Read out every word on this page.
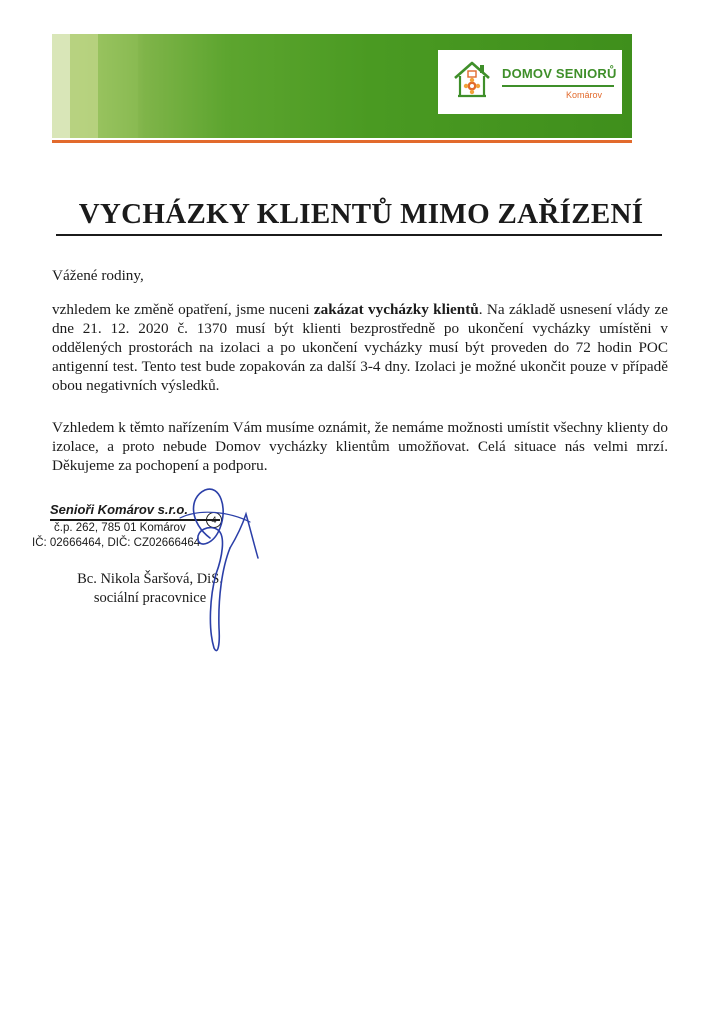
DOMOV SENIORŮ
Komárov
VYCHÁZKY KLIENTŮ MIMO ZAŘÍZENÍ
Vážené rodiny,
vzhledem ke změně opatření, jsme nuceni zakázat vycházky klientů. Na základě usnesení vlády ze dne 21. 12. 2020 č. 1370 musí být klienti bezprostředně po ukončení vycházky umístěni v oddělených prostorách na izolaci a po ukončení vycházky musí být proveden do 72 hodin POC antigenní test. Tento test bude zopakován za další 3-4 dny. Izolaci je možné ukončit pouze v případě obou negativních výsledků.
Vzhledem k těmto nařízením Vám musíme oznámit, že nemáme možnosti umístit všechny klienty do izolace, a proto nebude Domov vycházky klientům umožňovat. Celá situace nás velmi mrzí. Děkujeme za pochopení a podporu.
Senioři Komárov s.r.o.
4
č.p. 262, 785 01 Komárov
IČ: 02666464, DIČ: CZ02666464
Bc. Nikola Šaršová, DiS.
sociální pracovnice
